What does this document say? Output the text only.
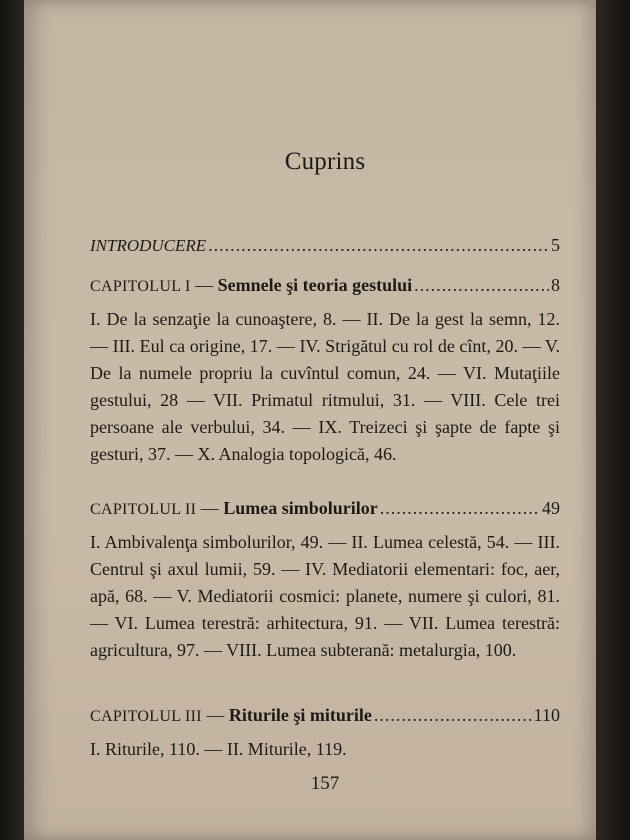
Cuprins
INTRODUCERE .....	5
CAPITOLUL I — Semnele şi teoria gestului .....	8
I. De la senzaţie la cunoaştere, 8. — II. De la gest la semn, 12. — III. Eul ca origine, 17. — IV. Strigătul cu rol de cînt, 20. — V. De la numele propriu la cuvîntul comun, 24. — VI. Mutaţiile gestului, 28 — VII. Primatul ritmului, 31. — VIII. Cele trei persoane ale verbului, 34. — IX. Treizeci şi şapte de fapte şi gesturi, 37. — X. Analogia topologică, 46.
CAPITOLUL II — Lumea simbolurilor .....	49
I. Ambivalenţa simbolurilor, 49. — II. Lumea celestă, 54. — III. Centrul şi axul lumii, 59. — IV. Mediatorii elementari: foc, aer, apă, 68. — V. Mediatorii cosmici: planete, numere şi culori, 81. — VI. Lumea terestră: arhitectura, 91. — VII. Lumea terestră: agricultura, 97. — VIII. Lumea subterană: metalurgia, 100.
CAPITOLUL III — Riturile şi miturile .....	110
I. Riturile, 110. — II. Miturile, 119.
157
